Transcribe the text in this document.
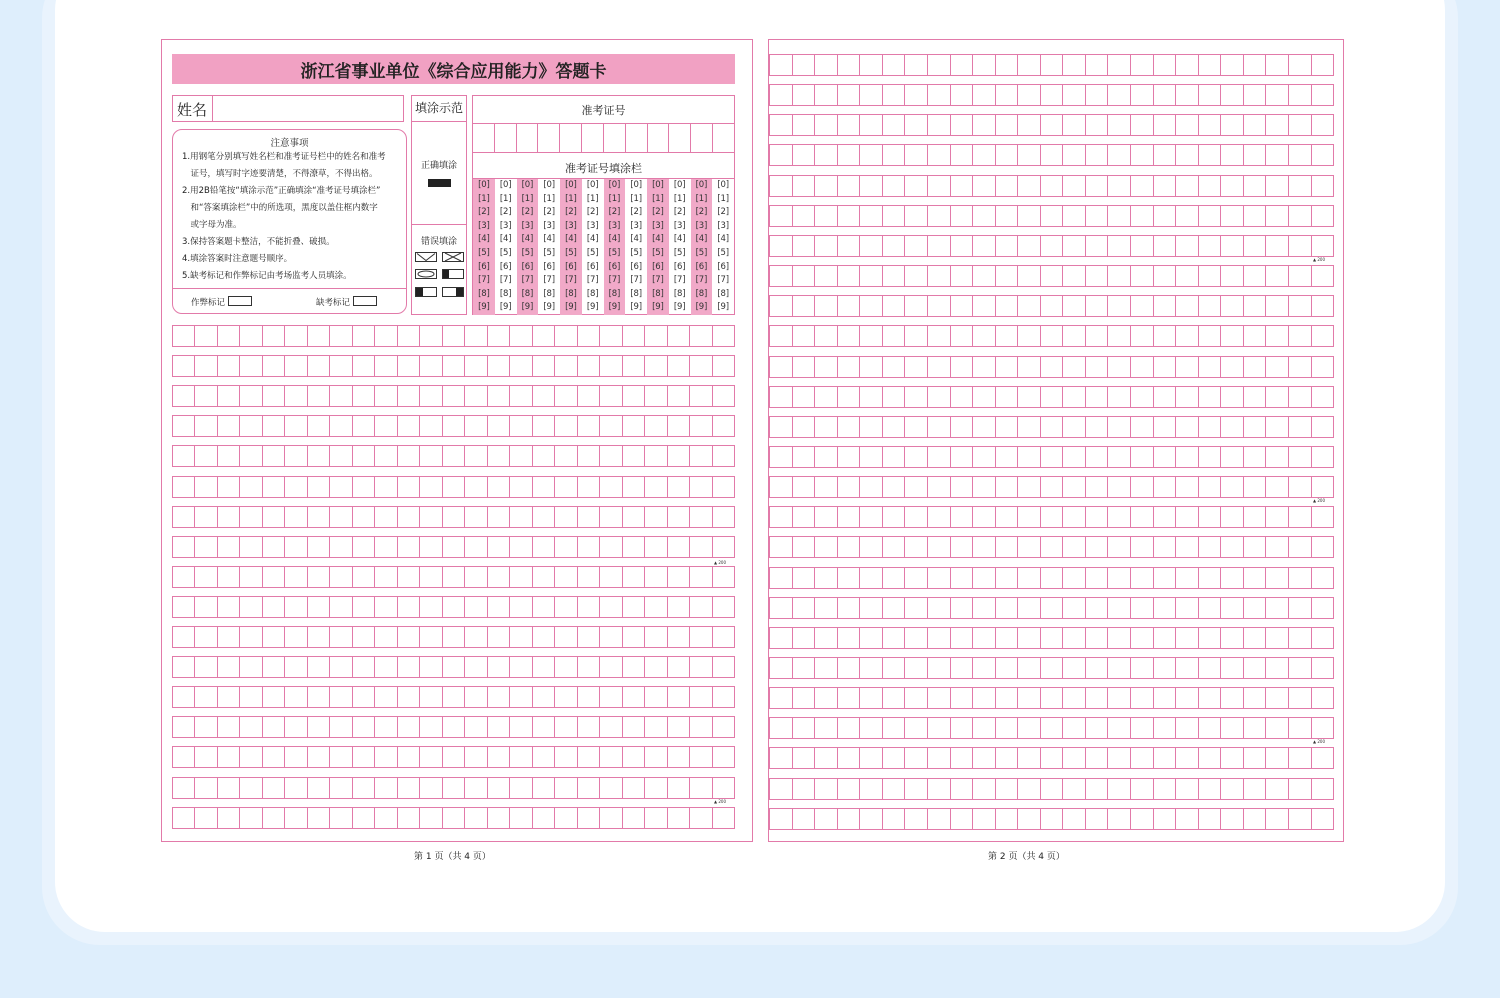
浙江省事业单位《综合应用能力》答题卡
姓名
注意事项
1.用钢笔分别填写姓名栏和准考证号栏中的姓名和准考
　证号，填写时字迹要清楚，不得潦草，不得出格。
2.用2B铅笔按“填涂示范”正确填涂“准考证号填涂栏”
　和“答案填涂栏”中的所选项，黑度以盖住框内数字
　或字母为准。
3.保持答案题卡整洁，不能折叠、破损。
4.填涂答案时注意题号顺序。
5.缺考标记和作弊标记由考场监考人员填涂。
作弊标记	缺考标记
填涂示范
正确填涂
错误填涂
准考证号
准考证号填涂栏
[0]
[1]
[2]
[3]
[4]
[5]
[6]
[7]
[8]
[9]
[0]
[1]
[2]
[3]
[4]
[5]
[6]
[7]
[8]
[9]
[0]
[1]
[2]
[3]
[4]
[5]
[6]
[7]
[8]
[9]
[0]
[1]
[2]
[3]
[4]
[5]
[6]
[7]
[8]
[9]
[0]
[1]
[2]
[3]
[4]
[5]
[6]
[7]
[8]
[9]
[0]
[1]
[2]
[3]
[4]
[5]
[6]
[7]
[8]
[9]
[0]
[1]
[2]
[3]
[4]
[5]
[6]
[7]
[8]
[9]
[0]
[1]
[2]
[3]
[4]
[5]
[6]
[7]
[8]
[9]
[0]
[1]
[2]
[3]
[4]
[5]
[6]
[7]
[8]
[9]
[0]
[1]
[2]
[3]
[4]
[5]
[6]
[7]
[8]
[9]
[0]
[1]
[2]
[3]
[4]
[5]
[6]
[7]
[8]
[9]
[0]
[1]
[2]
[3]
[4]
[5]
[6]
[7]
[8]
[9]
▲ 200
▲ 200
▲ 200
▲ 200
▲ 200
第 1 页（共 4 页）	第 2 页（共 4 页）
